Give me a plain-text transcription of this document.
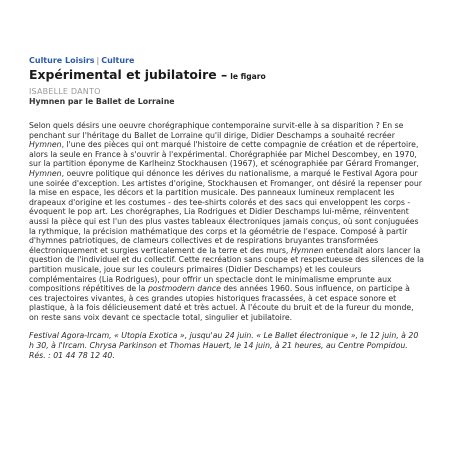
Culture Loisirs | Culture
Expérimental et jubilatoire – le figaro
ISABELLE DANTO
Hymnen par le Ballet de Lorraine

Selon quels désirs une oeuvre chorégraphique contemporaine survit-elle à sa disparition ? En se penchant sur l'héritage du Ballet de Lorraine qu'il dirige, Didier Deschamps a souhaité recréer Hymnen, l'une des pièces qui ont marqué l'histoire de cette compagnie de création et de répertoire, alors la seule en France à s'ouvrir à l'expérimental. Chorégraphiée par Michel Descombey, en 1970, sur la partition éponyme de Karlheinz Stockhausen (1967), et scénographiée par Gérard Fromanger, Hymnen, oeuvre politique qui dénonce les dérives du nationalisme, a marqué le Festival Agora pour une soirée d'exception. Les artistes d'origine, Stockhausen et Fromanger, ont désiré la repenser pour la mise en espace, les décors et la partition musicale. Des panneaux lumineux remplacent les drapeaux d'origine et les costumes - des tee-shirts colorés et des sacs qui enveloppent les corps - évoquent le pop art. Les chorégraphes, Lia Rodrigues et Didier Deschamps lui-même, réinventent aussi la pièce qui est l'un des plus vastes tableaux électroniques jamais conçus, où sont conjuguées la rythmique, la précision mathématique des corps et la géométrie de l'espace. Composé à partir d'hymnes patriotiques, de clameurs collectives et de respirations bruyantes transformées électroniquement et surgies verticalement de la terre et des murs, Hymnen entendait alors lancer la question de l'individuel et du collectif. Cette recréation sans coupe et respectueuse des silences de la partition musicale, joue sur les couleurs primaires (Didier Deschamps) et les couleurs complémentaires (Lia Rodrigues), pour offrir un spectacle dont le minimalisme emprunte aux compositions répétitives de la postmodern dance des années 1960. Sous influence, on participe à ces trajectoires vivantes, à ces grandes utopies historiques fracassées, à cet espace sonore et plastique, à la fois délicieusement daté et très actuel. À l'écoute du bruit et de la fureur du monde, on reste sans voix devant ce spectacle total, singulier et jubilatoire.

Festival Agora-Ircam, « Utopia Exotica », jusqu'au 24 juin. « Le Ballet électronique », le 12 juin, à 20 h 30, à l'Ircam. Chrysa Parkinson et Thomas Hauert, le 14 juin, à 21 heures, au Centre Pompidou. Rés. : 01 44 78 12 40.
